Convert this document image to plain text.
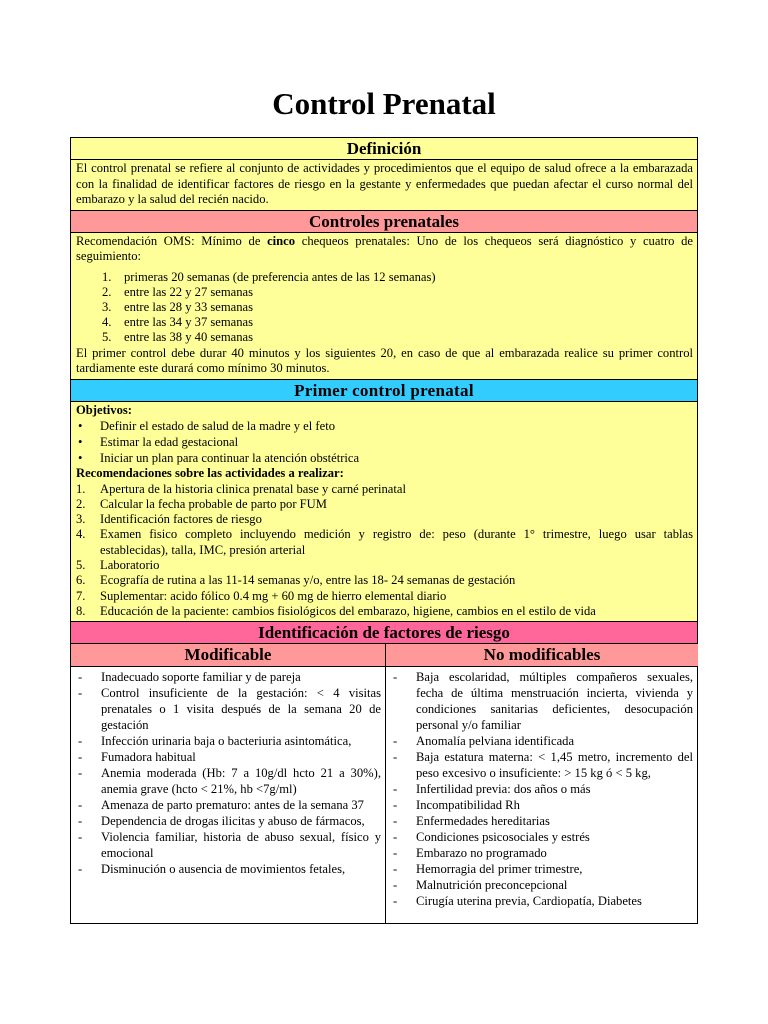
Control Prenatal
Definición
El control prenatal se refiere al conjunto de actividades y procedimientos que el equipo de salud ofrece a la embarazada con la finalidad de identificar factores de riesgo en la gestante y enfermedades que puedan afectar el curso normal del embarazo y la salud del recién nacido.
Controles prenatales
Recomendación OMS: Mínimo de cinco chequeos prenatales: Uno de los chequeos será diagnóstico y cuatro de seguimiento:
1. primeras 20 semanas (de preferencia antes de las 12 semanas)
2. entre las 22 y 27 semanas
3. entre las 28 y 33 semanas
4. entre las 34 y 37 semanas
5. entre las 38 y 40 semanas
El primer control debe durar 40 minutos y los siguientes 20, en caso de que al embarazada realice su primer control tardiamente este durará como mínimo 30 minutos.
Primer control prenatal
Objetivos:
• Definir el estado de salud de la madre y el feto
• Estimar la edad gestacional
• Iniciar un plan para continuar la atención obstétrica
Recomendaciones sobre las actividades a realizar:
1. Apertura de la historia clinica prenatal base y carné perinatal
2. Calcular la fecha probable de parto por FUM
3. Identificación factores de riesgo
4. Examen fisico completo incluyendo medición y registro de: peso (durante 1° trimestre, luego usar tablas establecidas), talla, IMC, presión arterial
5. Laboratorio
6. Ecografía de rutina a las 11-14 semanas y/o, entre las 18- 24 semanas de gestación
7. Suplementar: acido fólico 0.4 mg + 60 mg de hierro elemental diario
8. Educación de la paciente: cambios fisiológicos del embarazo, higiene, cambios en el estilo de vida
Identificación de factores de riesgo
Modificable	No modificables
- Inadecuado soporte familiar y de pareja
- Control insuficiente de la gestación: < 4 visitas prenatales o 1 visita después de la semana 20 de gestación
- Infección urinaria baja o bacteriuria asintomática,
- Fumadora habitual
- Anemia moderada (Hb: 7 a 10g/dl hcto 21 a 30%), anemia grave (hcto < 21%, hb <7g/ml)
- Amenaza de parto prematuro: antes de la semana 37
- Dependencia de drogas ilicitas y abuso de fármacos,
- Violencia familiar, historia de abuso sexual, físico y emocional
- Disminución o ausencia de movimientos fetales,
- Baja escolaridad, múltiples compañeros sexuales, fecha de última menstruación incierta, vivienda y condiciones sanitarias deficientes, desocupación personal y/o familiar
- Anomalía pelviana identificada
- Baja estatura materna: < 1,45 metro, incremento del peso excesivo o insuficiente: > 15 kg ó < 5 kg,
- Infertilidad previa: dos años o más
- Incompatibilidad Rh
- Enfermedades hereditarias
- Condiciones psicosociales y estrés
- Embarazo no programado
- Hemorragia del primer trimestre,
- Malnutrición preconcepcional
- Cirugía uterina previa, Cardiopatía, Diabetes
